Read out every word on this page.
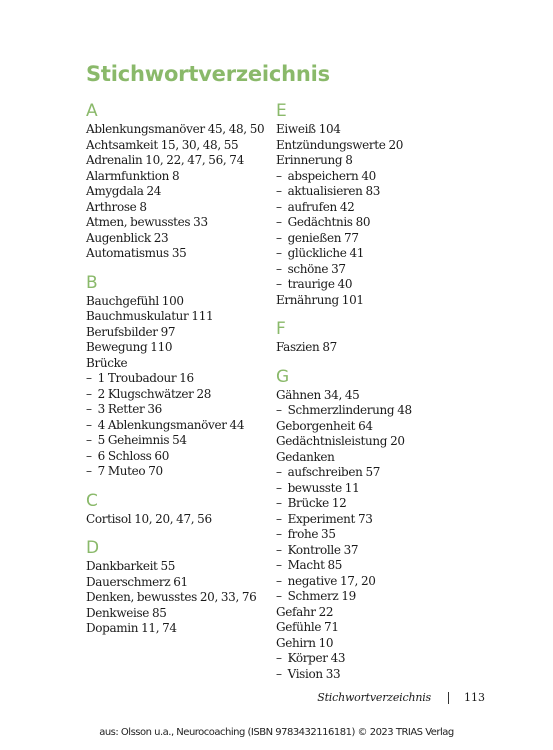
Stichwortverzeichnis
A
Ablenkungsmanöver 45, 48, 50
Achtsamkeit 15, 30, 48, 55
Adrenalin 10, 22, 47, 56, 74
Alarmfunktion 8
Amygdala 24
Arthrose 8
Atmen, bewusstes 33
Augenblick 23
Automatismus 35
B
Bauchgefühl 100
Bauchmuskulatur 111
Berufsbilder 97
Bewegung 110
Brücke
–  1 Troubadour 16
–  2 Klugschwätzer 28
–  3 Retter 36
–  4 Ablenkungsmanöver 44
–  5 Geheimnis 54
–  6 Schloss 60
–  7 Muteo 70
C
Cortisol 10, 20, 47, 56
D
Dankbarkeit 55
Dauerschmerz 61
Denken, bewusstes 20, 33, 76
Denkweise 85
Dopamin 11, 74
E
Eiweiß 104
Entzündungswerte 20
Erinnerung 8
–  abspeichern 40
–  aktualisieren 83
–  aufrufen 42
–  Gedächtnis 80
–  genießen 77
–  glückliche 41
–  schöne 37
–  traurige 40
Ernährung 101
F
Faszien 87
G
Gähnen 34, 45
–  Schmerzlinderung 48
Geborgenheit 64
Gedächtnisleistung 20
Gedanken
–  aufschreiben 57
–  bewusste 11
–  Brücke 12
–  Experiment 73
–  frohe 35
–  Kontrolle 37
–  Macht 85
–  negative 17, 20
–  Schmerz 19
Gefahr 22
Gefühle 71
Gehirn 10
–  Körper 43
–  Vision 33
Stichwortverzeichnis	113
aus: Olsson u.a., Neurocoaching (ISBN 9783432116181) © 2023 TRIAS Verlag
